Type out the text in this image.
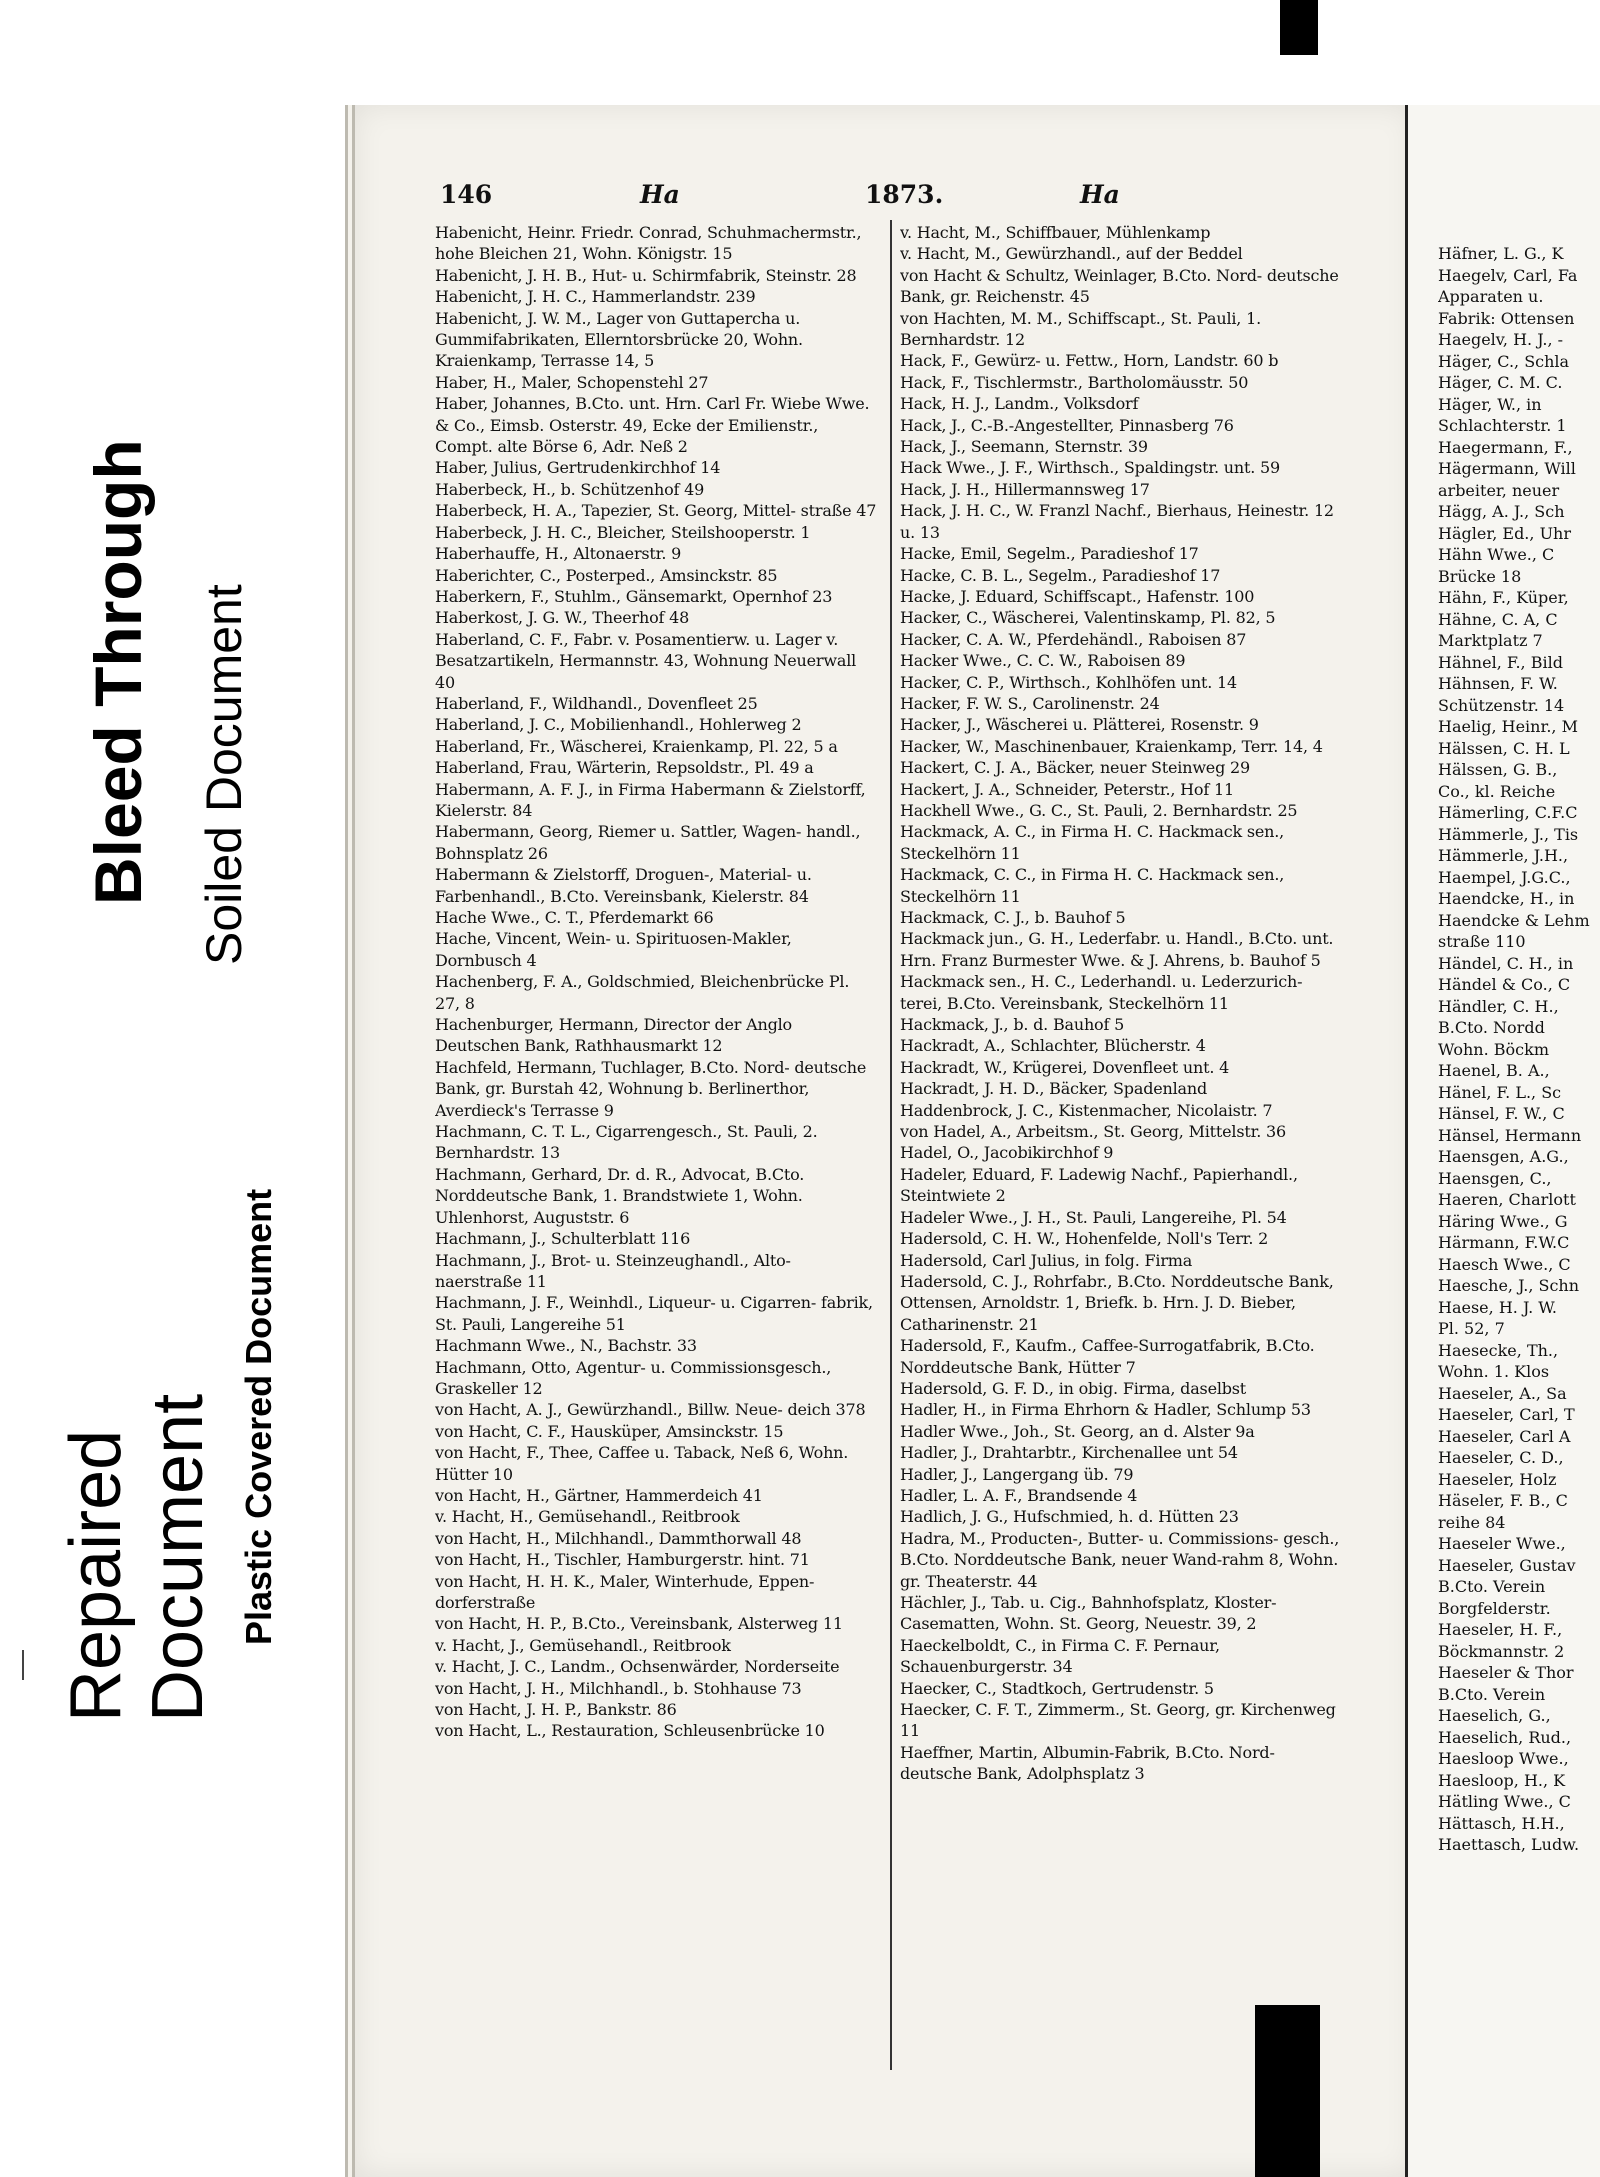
Bleed Through Soiled Document
Plastic Covered Document
Repaired Document
146	Ha	1873.	Ha

Habenicht, Heinr. Friedr. Conrad, Schuhmachermstr., hohe Bleichen 21, Wohn. Königstr. 15

Habenicht, J. H. B., Hut- u. Schirmfabrik, Steinstr. 28

Habenicht, J. H. C., Hammerlandstr. 239

Habenicht, J. W. M., Lager von Guttapercha u. Gummifabrikaten, Ellerntorsbrücke 20, Wohn. Kraienkamp, Terrasse 14, 5

Haber, H., Maler, Schopenstehl 27

Haber, Johannes, B.Cto. unt. Hrn. Carl Fr. Wiebe Wwe. & Co., Eimsb. Osterstr. 49, Ecke der Emilienstr., Compt. alte Börse 6, Adr. Neß 2

Haber, Julius, Gertrudenkirchhof 14

Haberbeck, H., b. Schützenhof 49

Haberbeck, H. A., Tapezier, St. Georg, Mittel- straße 47

Haberbeck, J. H. C., Bleicher, Steilshooperstr. 1

Haberhauffe, H., Altonaerstr. 9

Haberichter, C., Posterped., Amsinckstr. 85

Haberkern, F., Stuhlm., Gänsemarkt, Opernhof 23

Haberkost, J. G. W., Theerhof 48

Haberland, C. F., Fabr. v. Posamentierw. u. Lager v. Besatzartikeln, Hermannstr. 43, Wohnung Neuerwall 40

Haberland, F., Wildhandl., Dovenfleet 25

Haberland, J. C., Mobilienhandl., Hohlerweg 2

Haberland, Fr., Wäscherei, Kraienkamp, Pl. 22, 5 a

Haberland, Frau, Wärterin, Repsoldstr., Pl. 49 a

Habermann, A. F. J., in Firma Habermann & Zielstorff, Kielerstr. 84

Habermann, Georg, Riemer u. Sattler, Wagen- handl., Bohnsplatz 26

Habermann & Zielstorff, Droguen-, Material- u. Farbenhandl., B.Cto. Vereinsbank, Kielerstr. 84

Hache Wwe., C. T., Pferdemarkt 66

Hache, Vincent, Wein- u. Spirituosen-Makler, Dornbusch 4

Hachenberg, F. A., Goldschmied, Bleichenbrücke Pl. 27, 8

Hachenburger, Hermann, Director der Anglo Deutschen Bank, Rathhausmarkt 12

Hachfeld, Hermann, Tuchlager, B.Cto. Nord- deutsche Bank, gr. Burstah 42, Wohnung b. Berlinerthor, Averdieck's Terrasse 9

Hachmann, C. T. L., Cigarrengesch., St. Pauli, 2. Bernhardstr. 13

Hachmann, Gerhard, Dr. d. R., Advocat, B.Cto. Norddeutsche Bank, 1. Brandstwiete 1, Wohn. Uhlenhorst, Auguststr. 6

Hachmann, J., Schulterblatt 116

Hachmann, J., Brot- u. Steinzeughandl., Alto- naerstraße 11

Hachmann, J. F., Weinhdl., Liqueur- u. Cigarren- fabrik, St. Pauli, Langereihe 51

Hachmann Wwe., N., Bachstr. 33

Hachmann, Otto, Agentur- u. Commissionsgesch., Graskeller 12

von Hacht, A. J., Gewürzhandl., Billw. Neue- deich 378

von Hacht, C. F., Hausküper, Amsinckstr. 15

von Hacht, F., Thee, Caffee u. Taback, Neß 6, Wohn. Hütter 10

von Hacht, H., Gärtner, Hammerdeich 41

v. Hacht, H., Gemüsehandl., Reitbrook

von Hacht, H., Milchhandl., Dammthorwall 48

von Hacht, H., Tischler, Hamburgerstr. hint. 71

von Hacht, H. H. K., Maler, Winterhude, Eppen- dorferstraße

von Hacht, H. P., B.Cto., Vereinsbank, Alsterweg 11

v. Hacht, J., Gemüsehandl., Reitbrook

v. Hacht, J. C., Landm., Ochsenwärder, Norderseite

von Hacht, J. H., Milchhandl., b. Stohhause 73

von Hacht, J. H. P., Bankstr. 86

von Hacht, L., Restauration, Schleusenbrücke 10

v. Hacht, M., Schiffbauer, Mühlenkamp

v. Hacht, M., Gewürzhandl., auf der Beddel

von Hacht & Schultz, Weinlager, B.Cto. Nord- deutsche Bank, gr. Reichenstr. 45

von Hachten, M. M., Schiffscapt., St. Pauli, 1. Bernhardstr. 12

Hack, F., Gewürz- u. Fettw., Horn, Landstr. 60 b

Hack, F., Tischlermstr., Bartholomäusstr. 50

Hack, H. J., Landm., Volksdorf

Hack, J., C.-B.-Angestellter, Pinnasberg 76

Hack, J., Seemann, Sternstr. 39

Hack Wwe., J. F., Wirthsch., Spaldingstr. unt. 59

Hack, J. H., Hillermannsweg 17

Hack, J. H. C., W. Franzl Nachf., Bierhaus, Heinestr. 12 u. 13

Hacke, Emil, Segelm., Paradieshof 17

Hacke, C. B. L., Segelm., Paradieshof 17

Hacke, J. Eduard, Schiffscapt., Hafenstr. 100

Hacker, C., Wäscherei, Valentinskamp, Pl. 82, 5

Hacker, C. A. W., Pferdehändl., Raboisen 87

Hacker Wwe., C. C. W., Raboisen 89

Hacker, C. P., Wirthsch., Kohlhöfen unt. 14

Hacker, F. W. S., Carolinenstr. 24

Hacker, J., Wäscherei u. Plätterei, Rosenstr. 9

Hacker, W., Maschinenbauer, Kraienkamp, Terr. 14, 4

Hackert, C. J. A., Bäcker, neuer Steinweg 29

Hackert, J. A., Schneider, Peterstr., Hof 11

Hackhell Wwe., G. C., St. Pauli, 2. Bernhardstr. 25

Hackmack, A. C., in Firma H. C. Hackmack sen., Steckelhörn 11

Hackmack, C. C., in Firma H. C. Hackmack sen., Steckelhörn 11

Hackmack, C. J., b. Bauhof 5

Hackmack jun., G. H., Lederfabr. u. Handl., B.Cto. unt. Hrn. Franz Burmester Wwe. & J. Ahrens, b. Bauhof 5

Hackmack sen., H. C., Lederhandl. u. Lederzurich- terei, B.Cto. Vereinsbank, Steckelhörn 11

Hackmack, J., b. d. Bauhof 5

Hackradt, A., Schlachter, Blücherstr. 4

Hackradt, W., Krügerei, Dovenfleet unt. 4

Hackradt, J. H. D., Bäcker, Spadenland

Haddenbrock, J. C., Kistenmacher, Nicolaistr. 7

von Hadel, A., Arbeitsm., St. Georg, Mittelstr. 36

Hadel, O., Jacobikirchhof 9

Hadeler, Eduard, F. Ladewig Nachf., Papierhandl., Steintwiete 2

Hadeler Wwe., J. H., St. Pauli, Langereihe, Pl. 54

Hadersold, C. H. W., Hohenfelde, Noll's Terr. 2

Hadersold, Carl Julius, in folg. Firma

Hadersold, C. J., Rohrfabr., B.Cto. Norddeutsche Bank, Ottensen, Arnoldstr. 1, Briefk. b. Hrn. J. D. Bieber, Catharinenstr. 21

Hadersold, F., Kaufm., Caffee-Surrogatfabrik, B.Cto. Norddeutsche Bank, Hütter 7

Hadersold, G. F. D., in obig. Firma, daselbst

Hadler, H., in Firma Ehrhorn & Hadler, Schlump 53

Hadler Wwe., Joh., St. Georg, an d. Alster 9a

Hadler, J., Drahtarbtr., Kirchenallee unt 54

Hadler, J., Langergang üb. 79

Hadler, L. A. F., Brandsende 4

Hadlich, J. G., Hufschmied, h. d. Hütten 23

Hadra, M., Producten-, Butter- u. Commissions- gesch., B.Cto. Norddeutsche Bank, neuer Wand-rahm 8, Wohn. gr. Theaterstr. 44

Hächler, J., Tab. u. Cig., Bahnhofsplatz, Kloster- Casematten, Wohn. St. Georg, Neuestr. 39, 2

Haeckelboldt, C., in Firma C. F. Pernaur, Schauenburgerstr. 34

Haecker, C., Stadtkoch, Gertrudenstr. 5

Haecker, C. F. T., Zimmerm., St. Georg, gr. Kirchenweg 11

Haeffner, Martin, Albumin-Fabrik, B.Cto. Nord- deutsche Bank, Adolphsplatz 3

Häfner, L. G., K
Haegelv, Carl, Fa
Apparaten u.
Fabrik: Ottensen
Haegelv, H. J., -
Häger, C., Schla
Häger, C. M. C.
Häger, W., in
Schlachterstr. 1
Haegermann, F.,
Hägermann, Will
arbeiter, neuer
Hägg, A. J., Sch
Hägler, Ed., Uhr
Hähn Wwe., C
Brücke 18
Hähn, F., Küper,
Hähne, C. A, C
Marktplatz 7
Hähnel, F., Bild
Hähnsen, F. W.
Schützenstr. 14
Haelig, Heinr., M
Hälssen, C. H. L
Hälssen, G. B.,
Co., kl. Reiche
Hämerling, C.F.C
Hämmerle, J., Tis
Hämmerle, J.H.,
Haempel, J.G.C.,
Haendcke, H., in
Haendcke & Lehm
straße 110
Händel, C. H., in
Händel & Co., C
Händler, C. H.,
B.Cto. Nordd
Wohn. Böckm
Haenel, B. A.,
Hänel, F. L., Sc
Hänsel, F. W., C
Hänsel, Hermann
Haensgen, A.G.,
Haensgen, C.,
Haeren, Charlott
Häring Wwe., G
Härmann, F.W.C
Haesch Wwe., C
Haesche, J., Schn
Haese, H. J. W.
Pl. 52, 7
Haesecke, Th.,
Wohn. 1. Klos
Haeseler, A., Sa
Haeseler, Carl, T
Haeseler, Carl A
Haeseler, C. D.,
Haeseler, Holz
Häseler, F. B., C
reihe 84
Haeseler Wwe.,
Haeseler, Gustav
B.Cto. Verein
Borgfelderstr.
Haeseler, H. F.,
Böckmannstr. 2
Haeseler & Thor
B.Cto. Verein
Haeselich, G.,
Haeselich, Rud.,
Haesloop Wwe.,
Haesloop, H., K
Hätling Wwe., C
Hättasch, H.H.,
Haettasch, Ludw.
